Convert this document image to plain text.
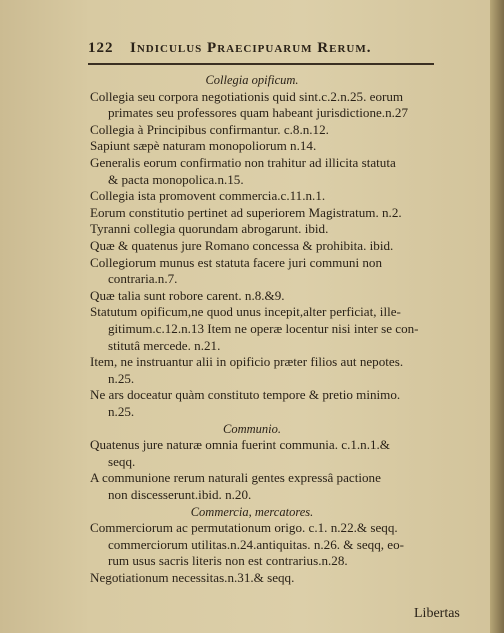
122 Indiculus Praecipuarum Rerum.
Collegia opificum.
Collegia seu corpora negotiationis quid sint.c.2.n.25. eorum
primates seu professores quam habeant jurisdictione.n.27
Collegia à Principibus confirmantur. c.8.n.12.
Sapiunt sæpè naturam monopoliorum n.14.
Generalis eorum confirmatio non trahitur ad illicita statuta
& pacta monopolica.n.15.
Collegia ista promovent commercia.c.11.n.1.
Eorum constitutio pertinet ad superiorem Magistratum. n.2.
Tyranni collegia quorundam abrogarunt. ibid.
Quæ & quatenus jure Romano concessa & prohibita. ibid.
Collegiorum munus est statuta facere juri communi non
contraria.n.7.
Quæ talia sunt robore carent. n.8.&9.
Statutum opificum,ne quod unus incepit,alter perficiat, ille-
gitimum.c.12.n.13 Item ne operæ locentur nisi inter se con-
stitutâ mercede. n.21.
Item, ne instruantur alii in opificio præter filios aut nepotes.
n.25.
Ne ars doceatur quàm constituto tempore & pretio minimo.
n.25.
Communio.
Quatenus jure naturæ omnia fuerint communia. c.1.n.1.&
seqq.
A communione rerum naturali gentes expressâ pactione
non discesserunt.ibid. n.20.
Commercia, mercatores.
Commerciorum ac permutationum origo. c.1. n.22.& seqq.
commerciorum utilitas.n.24.antiquitas. n.26. & seqq, eo-
rum usus sacris literis non est contrarius.n.28.
Negotiationum necessitas.n.31.& seqq.
Libertas
